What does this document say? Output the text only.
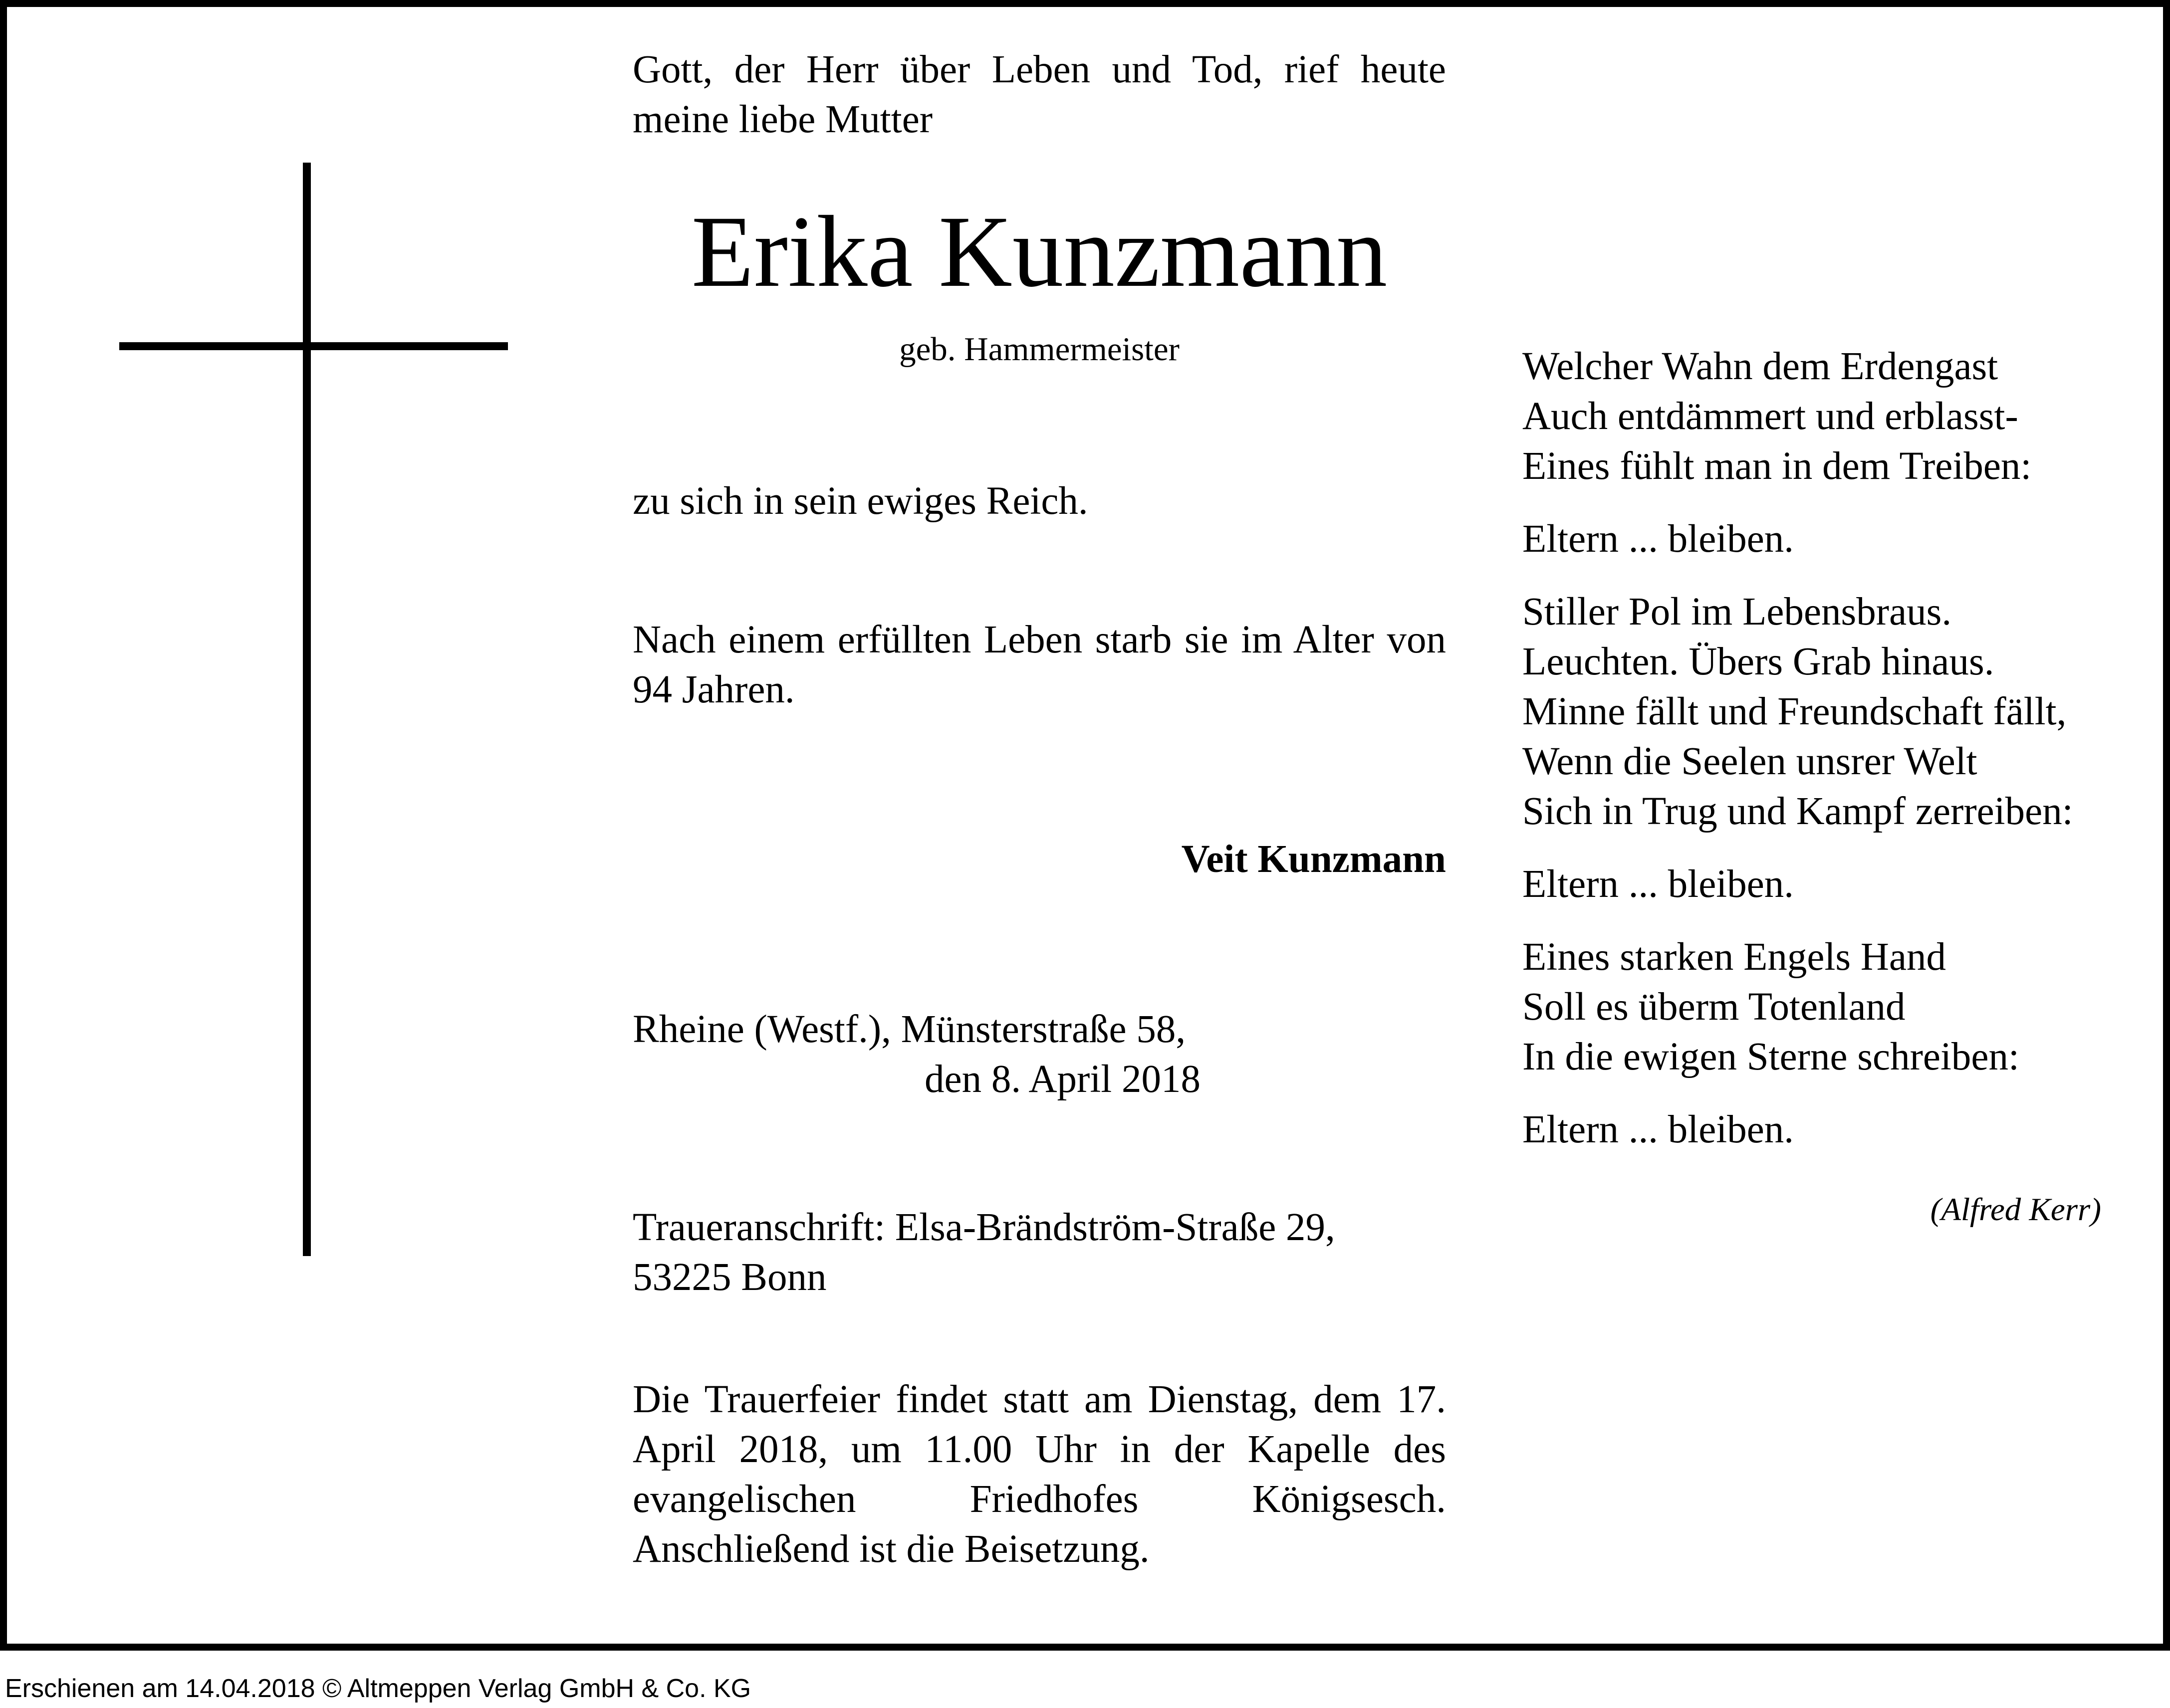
Gott, der Herr über Leben und Tod, rief heute meine liebe Mutter

Erika Kunzmann
geb. Hammermeister

zu sich in sein ewiges Reich.

Nach einem erfüllten Leben starb sie im Alter von 94 Jahren.

Veit Kunzmann

Rheine (Westf.), Münsterstraße 58,

den 8. April 2018

Traueranschrift: Elsa-Brändström-Straße 29,

53225 Bonn

Die Trauerfeier findet statt am Dienstag, dem 17. April 2018, um 11.00 Uhr in der Kapelle des evangelischen Friedhofes Königsesch. Anschließend ist die Beisetzung.

Welcher Wahn dem Erdengast

Auch entdämmert und erblasst-

Eines fühlt man in dem Treiben:

Eltern ... bleiben.

Stiller Pol im Lebensbraus.

Leuchten. Übers Grab hinaus.

Minne fällt und Freundschaft fällt,

Wenn die Seelen unsrer Welt

Sich in Trug und Kampf zerreiben:

Eltern ... bleiben.

Eines starken Engels Hand

Soll es überm Totenland

In die ewigen Sterne schreiben:

Eltern ... bleiben.

(Alfred Kerr)
Erschienen am 14.04.2018 © Altmeppen Verlag GmbH & Co. KG
